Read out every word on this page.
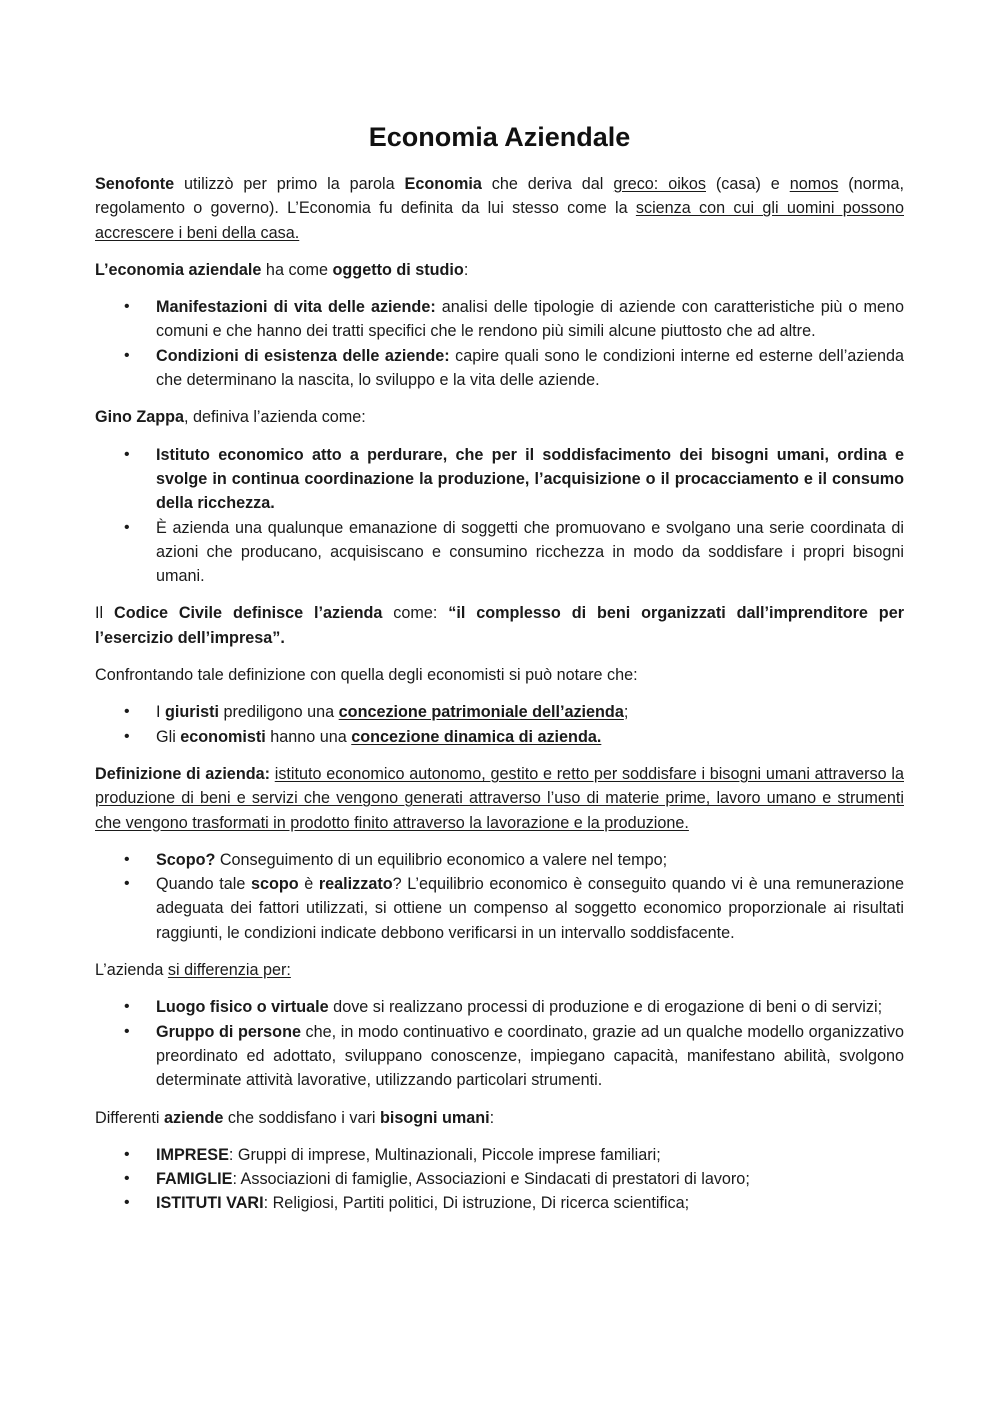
Economia Aziendale

Senofonte utilizzò per primo la parola Economia che deriva dal greco: oikos (casa) e nomos (norma, regolamento o governo). L’Economia fu definita da lui stesso come la scienza con cui gli uomini possono accrescere i beni della casa.

L’economia aziendale ha come oggetto di studio:

• Manifestazioni di vita delle aziende: analisi delle tipologie di aziende con caratteristiche più o meno comuni e che hanno dei tratti specifici che le rendono più simili alcune piuttosto che ad altre.
• Condizioni di esistenza delle aziende: capire quali sono le condizioni interne ed esterne dell’azienda che determinano la nascita, lo sviluppo e la vita delle aziende.

Gino Zappa, definiva l’azienda come:

• Istituto economico atto a perdurare, che per il soddisfacimento dei bisogni umani, ordina e svolge in continua coordinazione la produzione, l’acquisizione o il procacciamento e il consumo della ricchezza.
• È azienda una qualunque emanazione di soggetti che promuovano e svolgano una serie coordinata di azioni che producano, acquisiscano e consumino ricchezza in modo da soddisfare i propri bisogni umani.

Il Codice Civile definisce l’azienda come: “il complesso di beni organizzati dall’imprenditore per l’esercizio dell’impresa”.

Confrontando tale definizione con quella degli economisti si può notare che:

• I giuristi prediligono una concezione patrimoniale dell’azienda;
• Gli economisti hanno una concezione dinamica di azienda.

Definizione di azienda: istituto economico autonomo, gestito e retto per soddisfare i bisogni umani attraverso la produzione di beni e servizi che vengono generati attraverso l’uso di materie prime, lavoro umano e strumenti che vengono trasformati in prodotto finito attraverso la lavorazione e la produzione.

• Scopo? Conseguimento di un equilibrio economico a valere nel tempo;
• Quando tale scopo è realizzato? L’equilibrio economico è conseguito quando vi è una remunerazione adeguata dei fattori utilizzati, si ottiene un compenso al soggetto economico proporzionale ai risultati raggiunti, le condizioni indicate debbono verificarsi in un intervallo soddisfacente.

L’azienda si differenzia per:

• Luogo fisico o virtuale dove si realizzano processi di produzione e di erogazione di beni o di servizi;
• Gruppo di persone che, in modo continuativo e coordinato, grazie ad un qualche modello organizzativo preordinato ed adottato, sviluppano conoscenze, impiegano capacità, manifestano abilità, svolgono determinate attività lavorative, utilizzando particolari strumenti.

Differenti aziende che soddisfano i vari bisogni umani:

• IMPRESE: Gruppi di imprese, Multinazionali, Piccole imprese familiari;
• FAMIGLIE: Associazioni di famiglie, Associazioni e Sindacati di prestatori di lavoro;
• ISTITUTI VARI: Religiosi, Partiti politici, Di istruzione, Di ricerca scientifica;
